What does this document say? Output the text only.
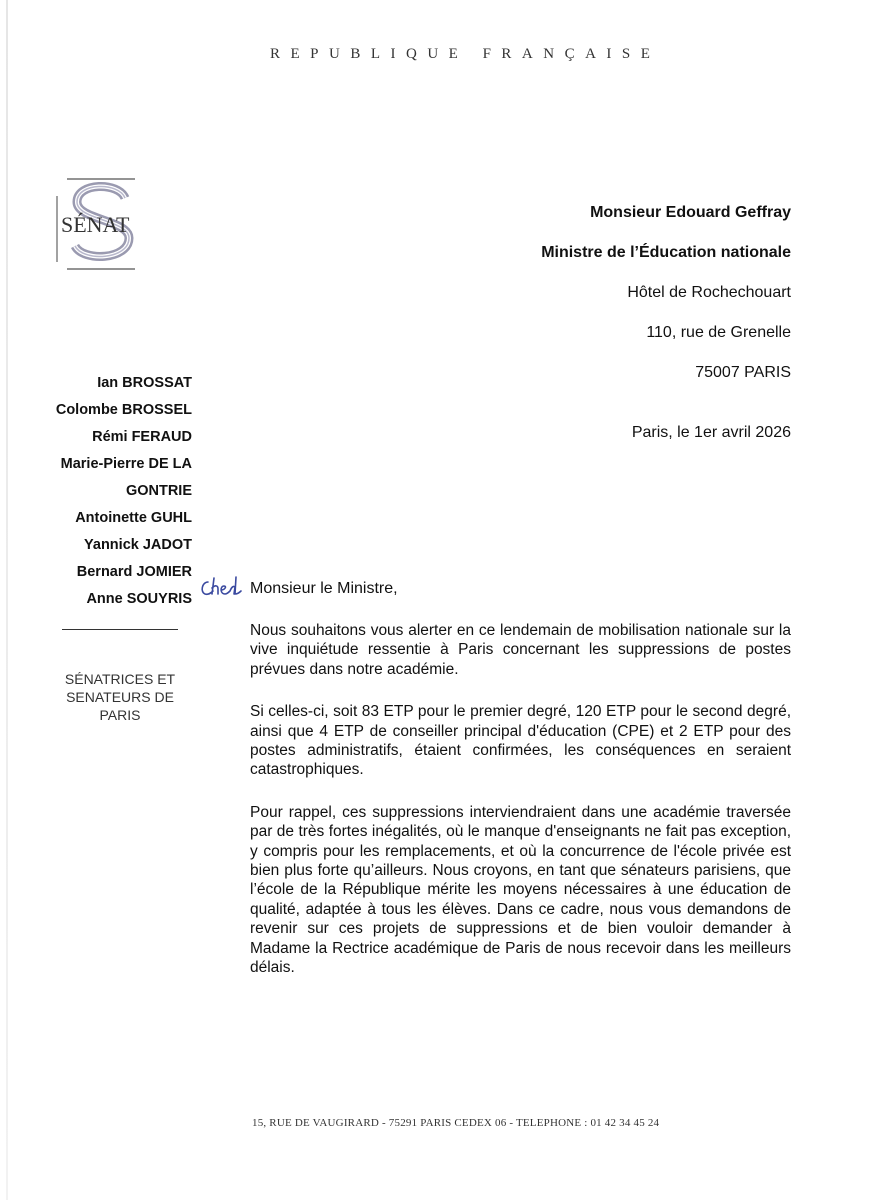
REPUBLIQUE FRANÇAISE
SÉNAT	Monsieur Edouard Geffray
Ministre de l’Éducation nationale
Hôtel de Rochechouart
110, rue de Grenelle
75007 PARIS
Paris, le 1er avril 2026
Ian BROSSAT
Colombe BROSSEL
Rémi FERAUD
Marie-Pierre DE LA
GONTRIE
Antoinette GUHL
Yannick JADOT
Bernard JOMIER
Anne SOUYRIS
SÉNATRICES ET
SENATEURS DE
PARIS
Monsieur le Ministre,

Nous souhaitons vous alerter en ce lendemain de mobilisation nationale sur la vive inquiétude ressentie à Paris concernant les suppressions de postes prévues dans notre académie.

Si celles-ci, soit 83 ETP pour le premier degré, 120 ETP pour le second degré, ainsi que 4 ETP de conseiller principal d'éducation (CPE) et 2 ETP pour des postes administratifs, étaient confirmées, les conséquences en seraient catastrophiques.

Pour rappel, ces suppressions interviendraient dans une académie traversée par de très fortes inégalités, où le manque d'enseignants ne fait pas exception, y compris pour les remplacements, et où la concurrence de l'école privée est bien plus forte qu’ailleurs. Nous croyons, en tant que sénateurs parisiens, que l’école de la République mérite les moyens nécessaires à une éducation de qualité, adaptée à tous les élèves. Dans ce cadre, nous vous demandons de revenir sur ces projets de suppressions et de bien vouloir demander à Madame la Rectrice académique de Paris de nous recevoir dans les meilleurs délais.

15, RUE DE VAUGIRARD - 75291 PARIS CEDEX 06 - TELEPHONE : 01 42 34 45 24
